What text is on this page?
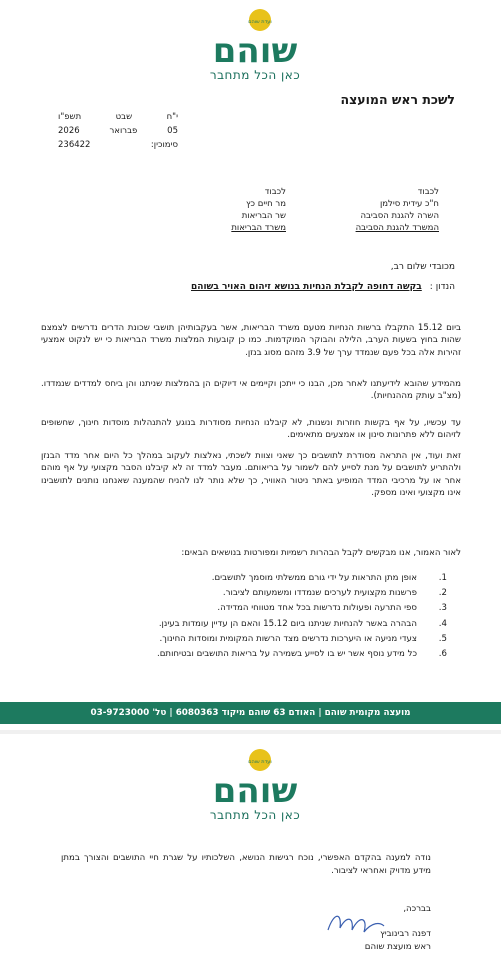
שוהם
ועדת שוהם
כאן הכל מתחבר
לשכת ראש המועצה
י"ח
שבט
תשפ"ו
05
פברואר
2026
סימוכין:
236422
לכבוד
ח"כ עידית סילמן
השרה להגנת הסביבה
המשרד להגנת הסביבה
לכבוד
מר חיים כץ
שר הבריאות
משרד הבריאות
מכובדי שלום רב,
הנדון :
בקשה דחופה לקבלת הנחיות בנושא זיהום האויר בשוהם

ביום 15.12 התקבלו ברשות הנחיות מטעם משרד הבריאות, אשר בעקבותיהן תושבי שכונת הדרים נדרשים לצמצם שהות בחוץ בשעות הערב, הלילה והבוקר המוקדמות. כמו כן קובעות המלצות משרד הבריאות כי יש לנקוט אמצעי זהירות אלה בכל פעם שנמדד ערך של 3.9 מזהם מסוג בנזן.

מהמידע שהובא לידיעתנו לאחר מכן, הבנו כי ייתכן וקיימים אי דיוקים הן בהמלצות שניתנו והן ביחס למדדים שנמדדו. (מצ"ב עותק מההנחיות).

עד עכשיו, על אף בקשות חוזרות ונשנות, לא קיבלנו הנחיות מסודרות בנוגע להתנהלות מוסדות חינוך, שחשופים לזיהום ללא פתרונות סינון או אמצעים מתאימים.

זאת ועוד, אין התראה מסודרת לתושבים כך שאני וצוות לשכתי, נאלצות לעקוב במהלך כל היום אחר מדד הבנזן ולהתריע לתושבים על מנת לסייע להם לשמור על בריאותם. מעבר למדד זה לא קיבלנו הסבר מקצועי על אף מוהם אחר או על מרכיבי המדד המופיע באתר ניטור האוויר, כך שלא נותר לנו להניח שהמענה שאנחנו נותנים לתושבינו אינו מקצועי ואינו מספק.

לאור האמור, אנו מבקשים לקבל הבהרות רשמיות ומפורטות בנושאים הבאים:
1.
אופן מתן התראות על ידי גורם ממשלתי מוסמך לתושבים.
2.
פרשנות מקצועית לערכים שנמדדו ומשמעותם לציבור.
3.
ספי התרעה ופעולות נדרשות בכל אחד מטווחי המדידה.
4.
הבהרה באשר להנחיות שניתנו ביום 15.12 והאם הן עדיין עומדות בעינן.
5.
צעדי מניעה או היערכות נדרשים מצד הרשות המקומית ומוסדות החינוך.
6.
כל מידע נוסף אשר יש בו לסייע בשמירה על בריאות התושבים ובטיחותם.
מועצה מקומית שוהם | האודם 63 שוהם מיקוד 6080363 | טל' 03-9723000
שוהם
ועדת שוהם
כאן הכל מתחבר

נודה למענה בהקדם האפשרי, נוכח רגישות הנושא, השלכותיו על שגרת חיי התושבים והצורך במתן מידע מדויק ואחראי לציבור.

בברכה,
דפנה רבינוביץ
ראש מועצת שוהם
